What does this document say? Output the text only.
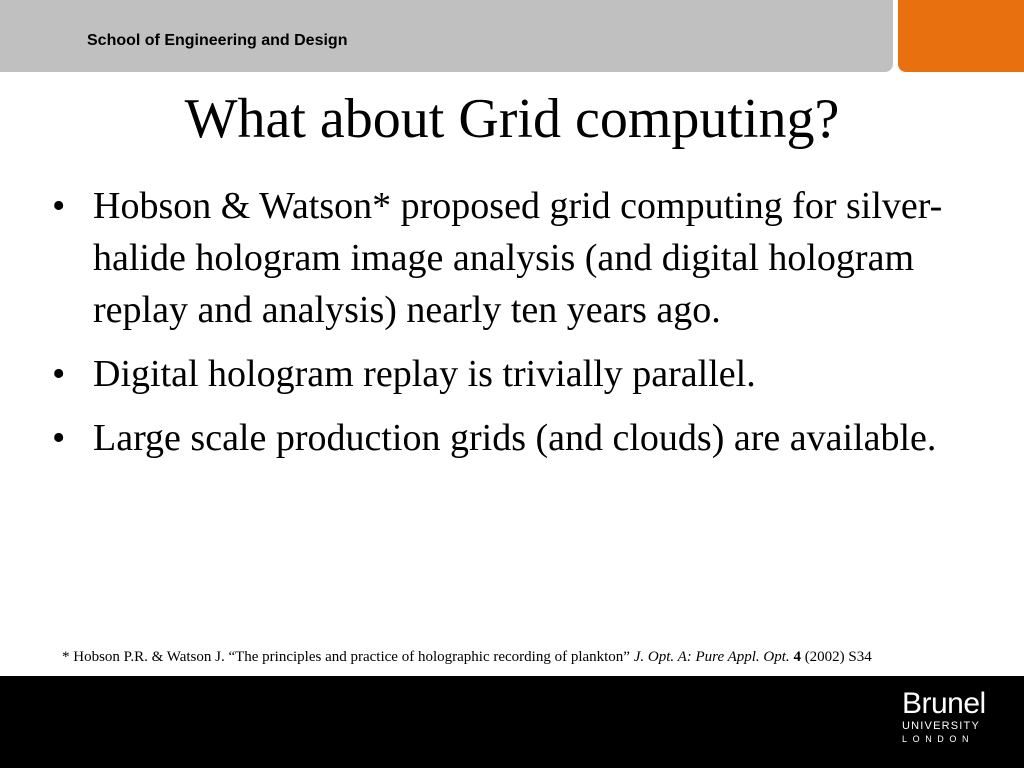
School of Engineering and Design
What about Grid computing?
• Hobson & Watson* proposed grid computing for silver-halide hologram image analysis (and digital hologram replay and analysis) nearly ten years ago.
• Digital hologram replay is trivially parallel.
• Large scale production grids (and clouds) are available.
* Hobson P.R. & Watson J. “The principles and practice of holographic recording of plankton” J. Opt. A: Pure Appl. Opt. 4 (2002) S34
Brunel
UNIVERSITY
LONDON
